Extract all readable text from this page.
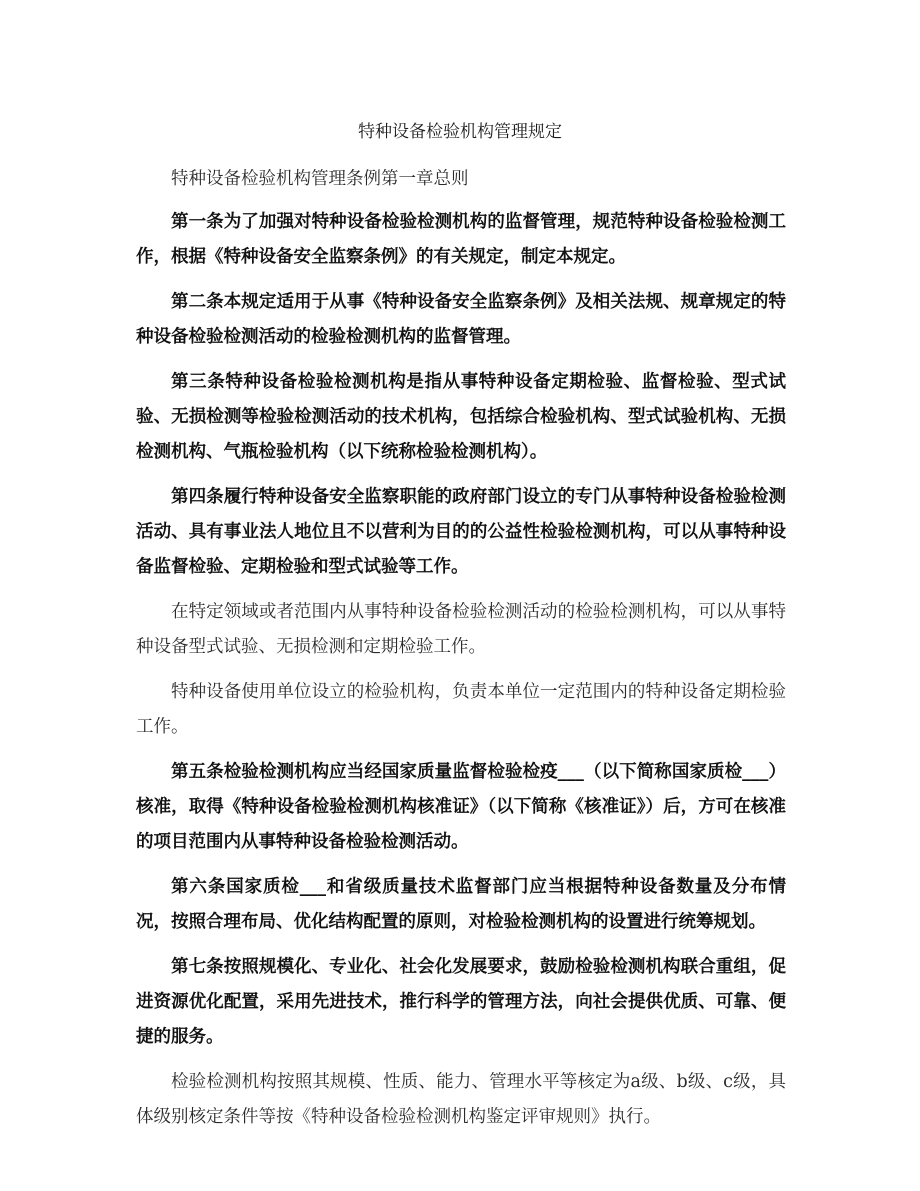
特种设备检验机构管理规定

特种设备检验机构管理条例第一章总则

第一条为了加强对特种设备检验检测机构的监督管理，规范特种设备检验检测工作，根据《特种设备安全监察条例》的有关规定，制定本规定。

第二条本规定适用于从事《特种设备安全监察条例》及相关法规、规章规定的特种设备检验检测活动的检验检测机构的监督管理。

第三条特种设备检验检测机构是指从事特种设备定期检验、监督检验、型式试验、无损检测等检验检测活动的技术机构，包括综合检验机构、型式试验机构、无损检测机构、气瓶检验机构（以下统称检验检测机构）。

第四条履行特种设备安全监察职能的政府部门设立的专门从事特种设备检验检测活动、具有事业法人地位且不以营利为目的的公益性检验检测机构，可以从事特种设备监督检验、定期检验和型式试验等工作。

在特定领域或者范围内从事特种设备检验检测活动的检验检测机构，可以从事特种设备型式试验、无损检测和定期检验工作。

特种设备使用单位设立的检验机构，负责本单位一定范围内的特种设备定期检验工作。

第五条检验检测机构应当经国家质量监督检验检疫___（以下简称国家质检___）核准，取得《特种设备检验检测机构核准证》（以下简称《核准证》）后，方可在核准的项目范围内从事特种设备检验检测活动。

第六条国家质检___和省级质量技术监督部门应当根据特种设备数量及分布情况，按照合理布局、优化结构配置的原则，对检验检测机构的设置进行统筹规划。

第七条按照规模化、专业化、社会化发展要求，鼓励检验检测机构联合重组，促进资源优化配置，采用先进技术，推行科学的管理方法，向社会提供优质、可靠、便捷的服务。

检验检测机构按照其规模、性质、能力、管理水平等核定为a级、b级、c级，具体级别核定条件等按《特种设备检验检测机构鉴定评审规则》执行。
